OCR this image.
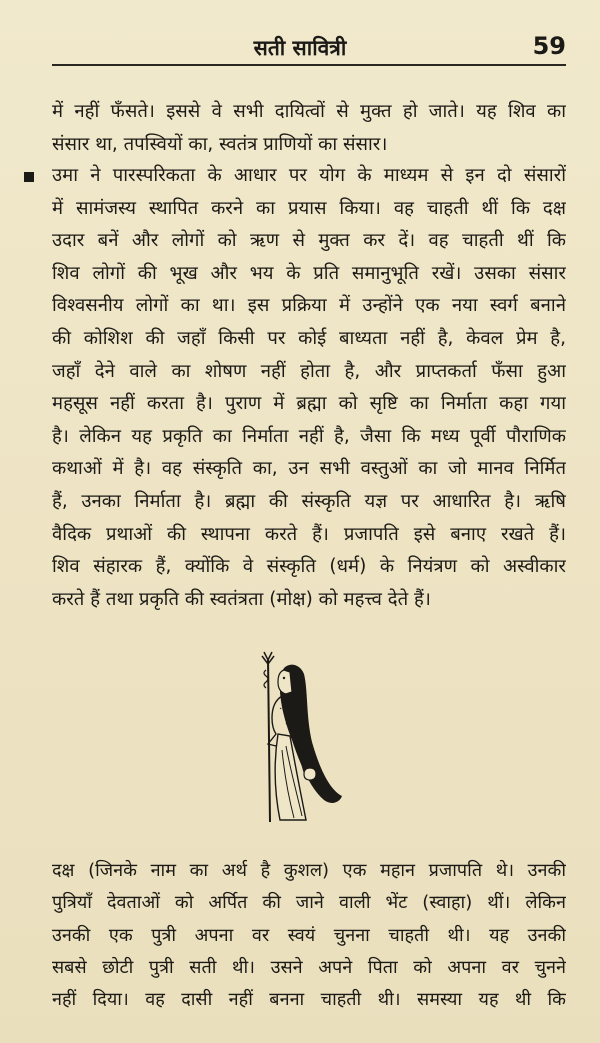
सती सावित्री	59
में नहीं फँसते। इससे वे सभी दायित्वों से मुक्त हो जाते। यह शिव का
संसार था, तपस्वियों का, स्वतंत्र प्राणियों का संसार।
उमा ने पारस्परिकता के आधार पर योग के माध्यम से इन दो संसारों
में सामंजस्य स्थापित करने का प्रयास किया। वह चाहती थीं कि दक्ष
उदार बनें और लोगों को ऋण से मुक्त कर दें। वह चाहती थीं कि
शिव लोगों की भूख और भय के प्रति समानुभूति रखें। उसका संसार
विश्वसनीय लोगों का था। इस प्रक्रिया में उन्होंने एक नया स्वर्ग बनाने
की कोशिश की जहाँ किसी पर कोई बाध्यता नहीं है, केवल प्रेम है,
जहाँ देने वाले का शोषण नहीं होता है, और प्राप्तकर्ता फँसा हुआ
महसूस नहीं करता है। पुराण में ब्रह्मा को सृष्टि का निर्माता कहा गया
है। लेकिन यह प्रकृति का निर्माता नहीं है, जैसा कि मध्य पूर्वी पौराणिक
कथाओं में है। वह संस्कृति का, उन सभी वस्तुओं का जो मानव निर्मित
हैं, उनका निर्माता है। ब्रह्मा की संस्कृति यज्ञ पर आधारित है। ऋषि
वैदिक प्रथाओं की स्थापना करते हैं। प्रजापति इसे बनाए रखते हैं।
शिव संहारक हैं, क्योंकि वे संस्कृति (धर्म) के नियंत्रण को अस्वीकार
करते हैं तथा प्रकृति की स्वतंत्रता (मोक्ष) को महत्त्व देते हैं।
दक्ष (जिनके नाम का अर्थ है कुशल) एक महान प्रजापति थे। उनकी
पुत्रियाँ देवताओं को अर्पित की जाने वाली भेंट (स्वाहा) थीं। लेकिन
उनकी एक पुत्री अपना वर स्वयं चुनना चाहती थी। यह उनकी
सबसे छोटी पुत्री सती थी। उसने अपने पिता को अपना वर चुनने
नहीं दिया। वह दासी नहीं बनना चाहती थी। समस्या यह थी कि
